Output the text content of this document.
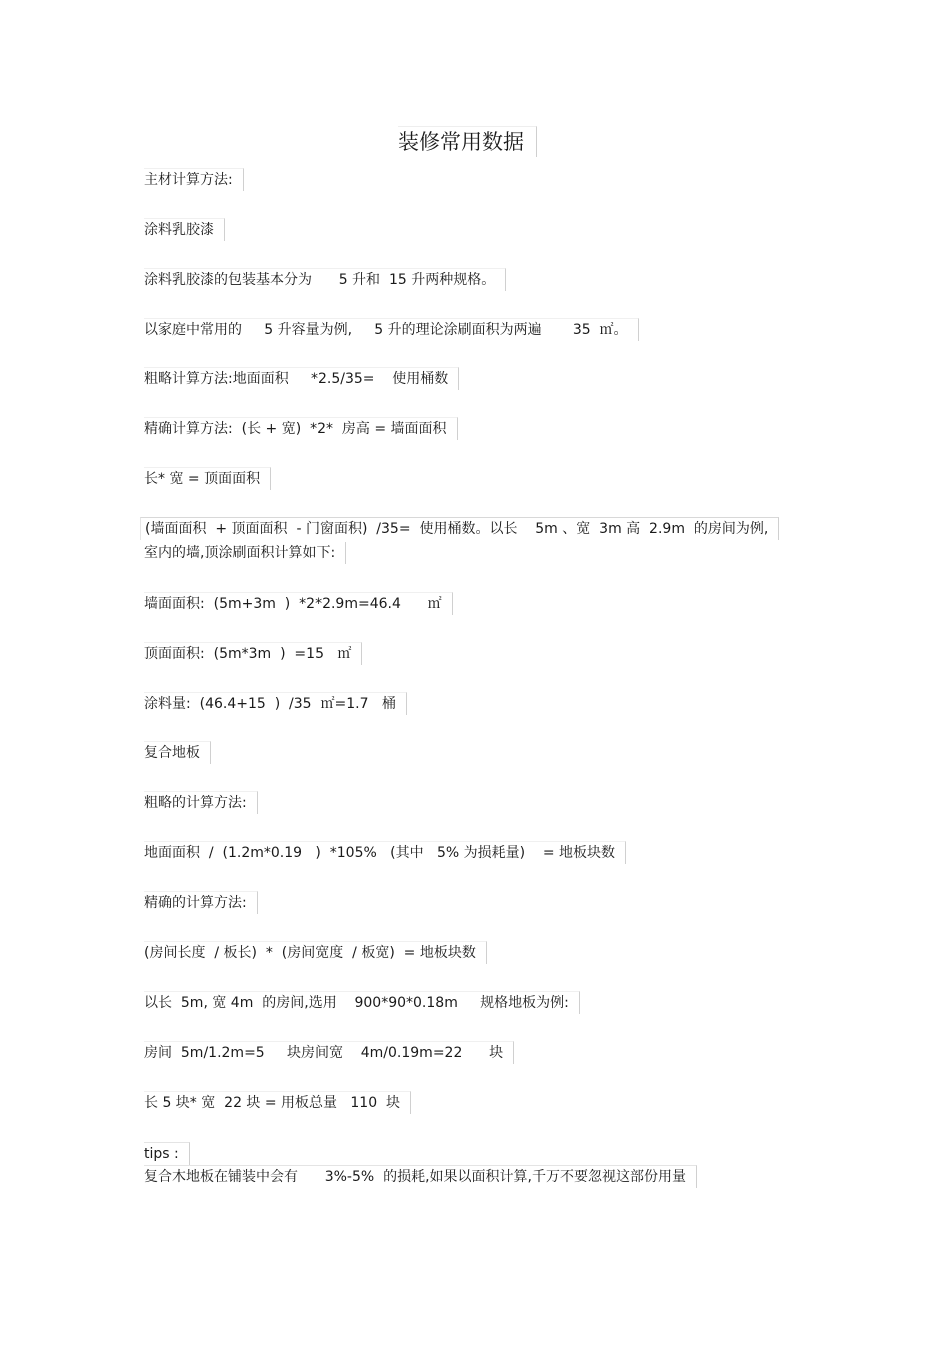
装修常用数据
主材计算方法:
涂料乳胶漆
涂料乳胶漆的包装基本分为      5 升和  15 升两种规格。
以家庭中常用的     5 升容量为例,     5 升的理论涂刷面积为两遍       35  ㎡。
粗略计算方法:地面面积     *2.5/35=    使用桶数
精确计算方法:  (长 + 宽)  *2*  房高 = 墙面面积
长* 宽 = 顶面面积
(墙面面积  + 顶面面积  - 门窗面积)  /35=  使用桶数。以长    5m 、宽  3m 高  2.9m  的房间为例,
室内的墙,顶涂刷面积计算如下:
墙面面积:  (5m+3m  )  *2*2.9m=46.4      ㎡
顶面面积:  (5m*3m  )  =15   ㎡
涂料量:  (46.4+15  )  /35  ㎡=1.7   桶
复合地板
粗略的计算方法:
地面面积  /  (1.2m*0.19   )  *105%   (其中   5% 为损耗量)    = 地板块数
精确的计算方法:
(房间长度  / 板长)  *  (房间宽度  / 板宽)  = 地板块数
以长  5m, 宽 4m  的房间,选用    900*90*0.18m     规格地板为例:
房间  5m/1.2m=5     块房间宽    4m/0.19m=22      块
长 5 块* 宽  22 块 = 用板总量   110  块
tips :
复合木地板在铺装中会有      3%-5%  的损耗,如果以面积计算,千万不要忽视这部份用量
